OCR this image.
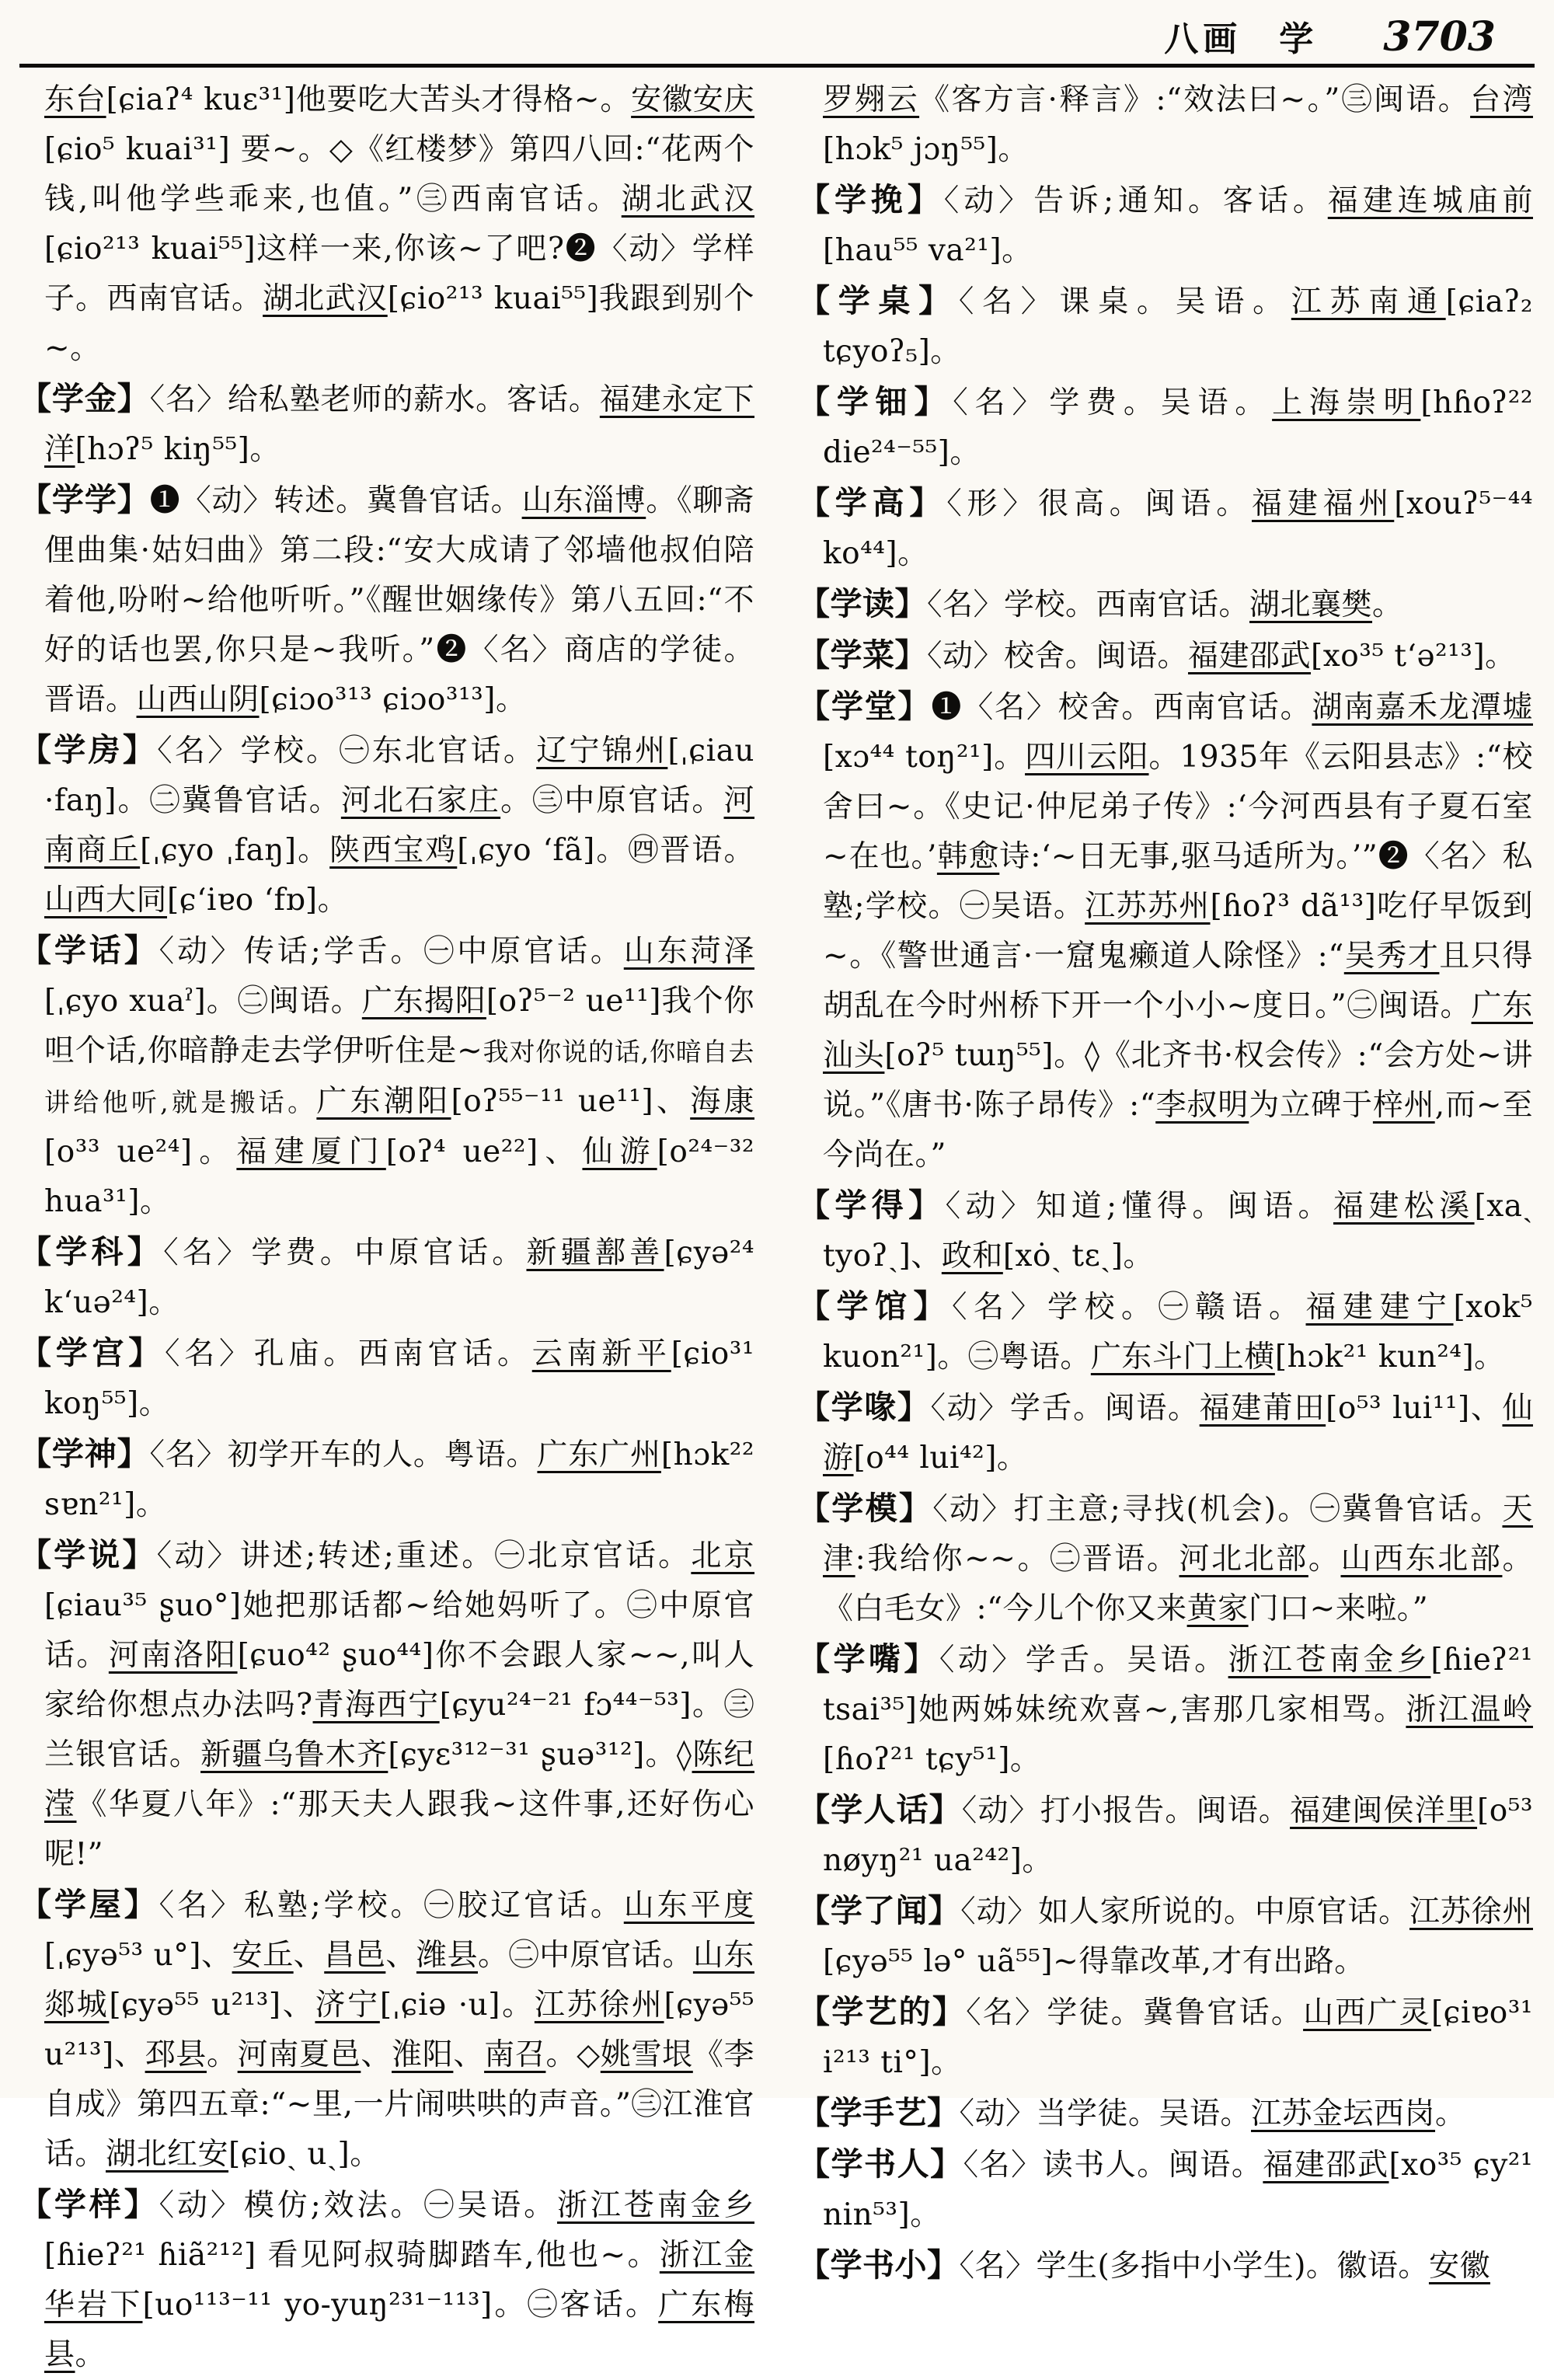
八画 学 3703

东台[ɕiaʔ⁴ kuɛ³¹]他要吃大苦头才得格~。安徽安庆[ɕio⁵ kuai³¹] 要~。◇《红楼梦》第四八回:“花两个钱,叫他学些乖来,也值。”㊂西南官话。湖北武汉[ɕio²¹³ kuai⁵⁵]这样一来,你该~了吧?❷〈动〉学样子。西南官话。湖北武汉[ɕio²¹³ kuai⁵⁵]我跟到别个~。

【学金】〈名〉给私塾老师的薪水。客话。福建永定下洋[hɔʔ⁵ kiŋ⁵⁵]。

【学学】❶〈动〉转述。冀鲁官话。山东淄博。《聊斋俚曲集·姑妇曲》第二段:“安大成请了邻墙他叔伯陪着他,吩咐~给他听听。”《醒世姻缘传》第八五回:“不好的话也罢,你只是~我听。”❷〈名〉商店的学徒。晋语。山西山阴[ɕiɔo³¹³ ɕiɔo³¹³]。

【学房】〈名〉学校。㊀东北官话。辽宁锦州[ˌɕiau ·faŋ]。㊁冀鲁官话。河北石家庄。㊂中原官话。河南商丘[ˌɕyo ˌfaŋ]。陕西宝鸡[ˌɕyo ʻfã]。㊃晋语。山西大同[ɕʻiɐo ʻfɒ]。

【学话】〈动〉传话;学舌。㊀中原官话。山东菏泽[ˌɕyo xuaˀ]。㊁闽语。广东揭阳[oʔ⁵⁻² ue¹¹]我个你呾个话,你暗静走去学伊听住是~我对你说的话,你暗自去讲给他听,就是搬话。广东潮阳[oʔ⁵⁵⁻¹¹ ue¹¹]、海康[o³³ ue²⁴]。福建厦门[oʔ⁴ ue²²]、仙游[o²⁴⁻³² hua³¹]。

【学科】〈名〉学费。中原官话。新疆鄯善[ɕyə²⁴ kʻuə²⁴]。

【学宫】〈名〉孔庙。西南官话。云南新平[ɕio³¹ koŋ⁵⁵]。

【学神】〈名〉初学开车的人。粤语。广东广州[hɔk²² sɐn²¹]。

【学说】〈动〉讲述;转述;重述。㊀北京官话。北京[ɕiau³⁵ ʂuo°]她把那话都~给她妈听了。㊁中原官话。河南洛阳[ɕuo⁴² ʂuo⁴⁴]你不会跟人家~~,叫人家给你想点办法吗?青海西宁[ɕyu²⁴⁻²¹ fɔ⁴⁴⁻⁵³]。㊂兰银官话。新疆乌鲁木齐[ɕyɛ³¹²⁻³¹ ʂuə³¹²]。◊陈纪滢《华夏八年》:“那天夫人跟我~这件事,还好伤心呢!”

【学屋】〈名〉私塾;学校。㊀胶辽官话。山东平度[ˌɕyə⁵³ u°]、安丘、昌邑、潍县。㊁中原官话。山东郯城[ɕyə⁵⁵ u²¹³]、济宁[ˌɕiə ·u]。江苏徐州[ɕyə⁵⁵ u²¹³]、邳县。河南夏邑、淮阳、南召。◇姚雪垠《李自成》第四五章:“~里,一片闹哄哄的声音。”㊂江淮官话。湖北红安[ɕioˏ uˏ]。

【学样】〈动〉模仿;效法。㊀吴语。浙江苍南金乡[ɦieʔ²¹ ɦiã²¹²] 看见阿叔骑脚踏车,他也~。浙江金华岩下[uo¹¹³⁻¹¹ yo-yuŋ²³¹⁻¹¹³]。㊁客话。广东梅县。

罗翙云《客方言·释言》:“效法曰~。”㊂闽语。台湾[hɔk⁵ jɔŋ⁵⁵]。

【学挽】〈动〉告诉;通知。客话。福建连城庙前[hau⁵⁵ va²¹]。

【学桌】〈名〉课桌。吴语。江苏南通[ɕiaʔ₂ tɕyoʔ₅]。

【学钿】〈名〉学费。吴语。上海崇明[hɦoʔ²² die²⁴⁻⁵⁵]。

【学高】〈形〉很高。闽语。福建福州[xouʔ⁵⁻⁴⁴ ko⁴⁴]。

【学读】〈名〉学校。西南官话。湖北襄樊。

【学菜】〈动〉校舍。闽语。福建邵武[xo³⁵ tʻə²¹³]。

【学堂】❶〈名〉校舍。西南官话。湖南嘉禾龙潭墟[xɔ⁴⁴ toŋ²¹]。四川云阳。1935年《云阳县志》:“校舍曰~。《史记·仲尼弟子传》:‘今河西县有子夏石室~在也。’韩愈诗:‘~日无事,驱马适所为。’”❷〈名〉私塾;学校。㊀吴语。江苏苏州[ɦoʔ³ dã¹³]吃仔早饭到~。《警世通言·一窟鬼癞道人除怪》:“吴秀才且只得胡乱在今时州桥下开一个小小~度日。”㊁闽语。广东汕头[oʔ⁵ tɯŋ⁵⁵]。◊《北齐书·权会传》:“会方处~讲说。”《唐书·陈子昂传》:“李叔明为立碑于梓州,而~至今尚在。”

【学得】〈动〉知道;懂得。闽语。福建松溪[xaˏ tyoʔˏ]、政和[xȯˏ tɛˏ]。

【学馆】〈名〉学校。㊀赣语。福建建宁[xok⁵ kuon²¹]。㊁粤语。广东斗门上横[hɔk²¹ kun²⁴]。

【学喙】〈动〉学舌。闽语。福建莆田[o⁵³ lui¹¹]、仙游[o⁴⁴ lui⁴²]。

【学模】〈动〉打主意;寻找(机会)。㊀冀鲁官话。天津:我给你~~。㊁晋语。河北北部。山西东北部。《白毛女》:“今儿个你又来黄家门口~来啦。”

【学嘴】〈动〉学舌。吴语。浙江苍南金乡[ɦieʔ²¹ tsai³⁵]她两姊妹统欢喜~,害那几家相骂。浙江温岭[ɦoʔ²¹ tɕy⁵¹]。

【学人话】〈动〉打小报告。闽语。福建闽侯洋里[o⁵³ nøyŋ²¹ ua²⁴²]。

【学了闻】〈动〉如人家所说的。中原官话。江苏徐州[ɕyə⁵⁵ lə° uã⁵⁵]~得靠改革,才有出路。

【学艺的】〈名〉学徒。冀鲁官话。山西广灵[ɕiɐo³¹ i²¹³ ti°]。

【学手艺】〈动〉当学徒。吴语。江苏金坛西岗。

【学书人】〈名〉读书人。闽语。福建邵武[xo³⁵ ɕy²¹ nin⁵³]。

【学书小】〈名〉学生(多指中小学生)。徽语。安徽
